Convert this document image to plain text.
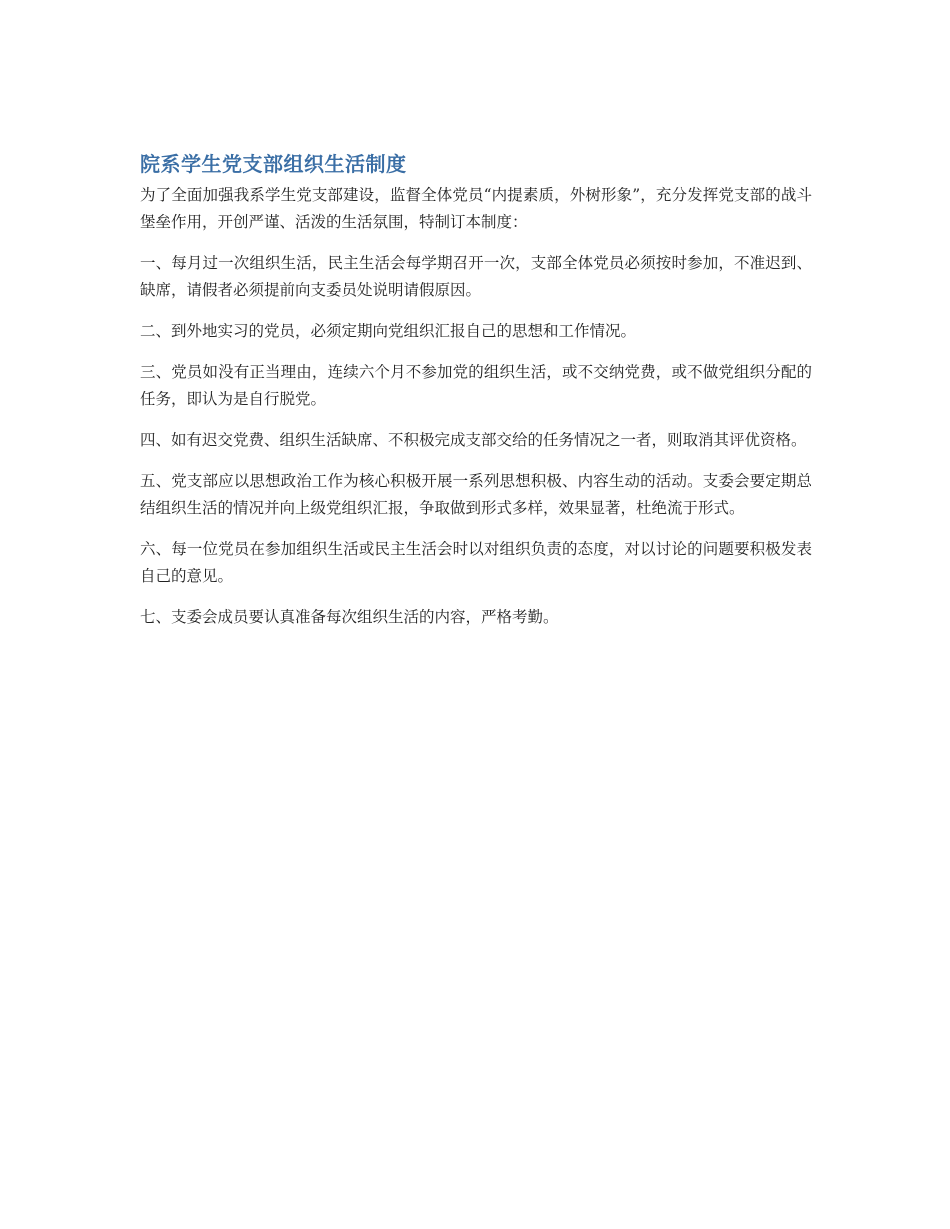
院系学生党支部组织生活制度

为了全面加强我系学生党支部建设，监督全体党员“内提素质，外树形象”，充分发挥党支部的战斗堡垒作用，开创严谨、活泼的生活氛围，特制订本制度：

一、每月过一次组织生活，民主生活会每学期召开一次，支部全体党员必须按时参加，不准迟到、缺席，请假者必须提前向支委员处说明请假原因。

二、到外地实习的党员，必须定期向党组织汇报自己的思想和工作情况。

三、党员如没有正当理由，连续六个月不参加党的组织生活，或不交纳党费，或不做党组织分配的任务，即认为是自行脱党。

四、如有迟交党费、组织生活缺席、不积极完成支部交给的任务情况之一者，则取消其评优资格。

五、党支部应以思想政治工作为核心积极开展一系列思想积极、内容生动的活动。支委会要定期总结组织生活的情况并向上级党组织汇报，争取做到形式多样，效果显著，杜绝流于形式。

六、每一位党员在参加组织生活或民主生活会时以对组织负责的态度，对以讨论的问题要积极发表自己的意见。

七、支委会成员要认真准备每次组织生活的内容，严格考勤。
